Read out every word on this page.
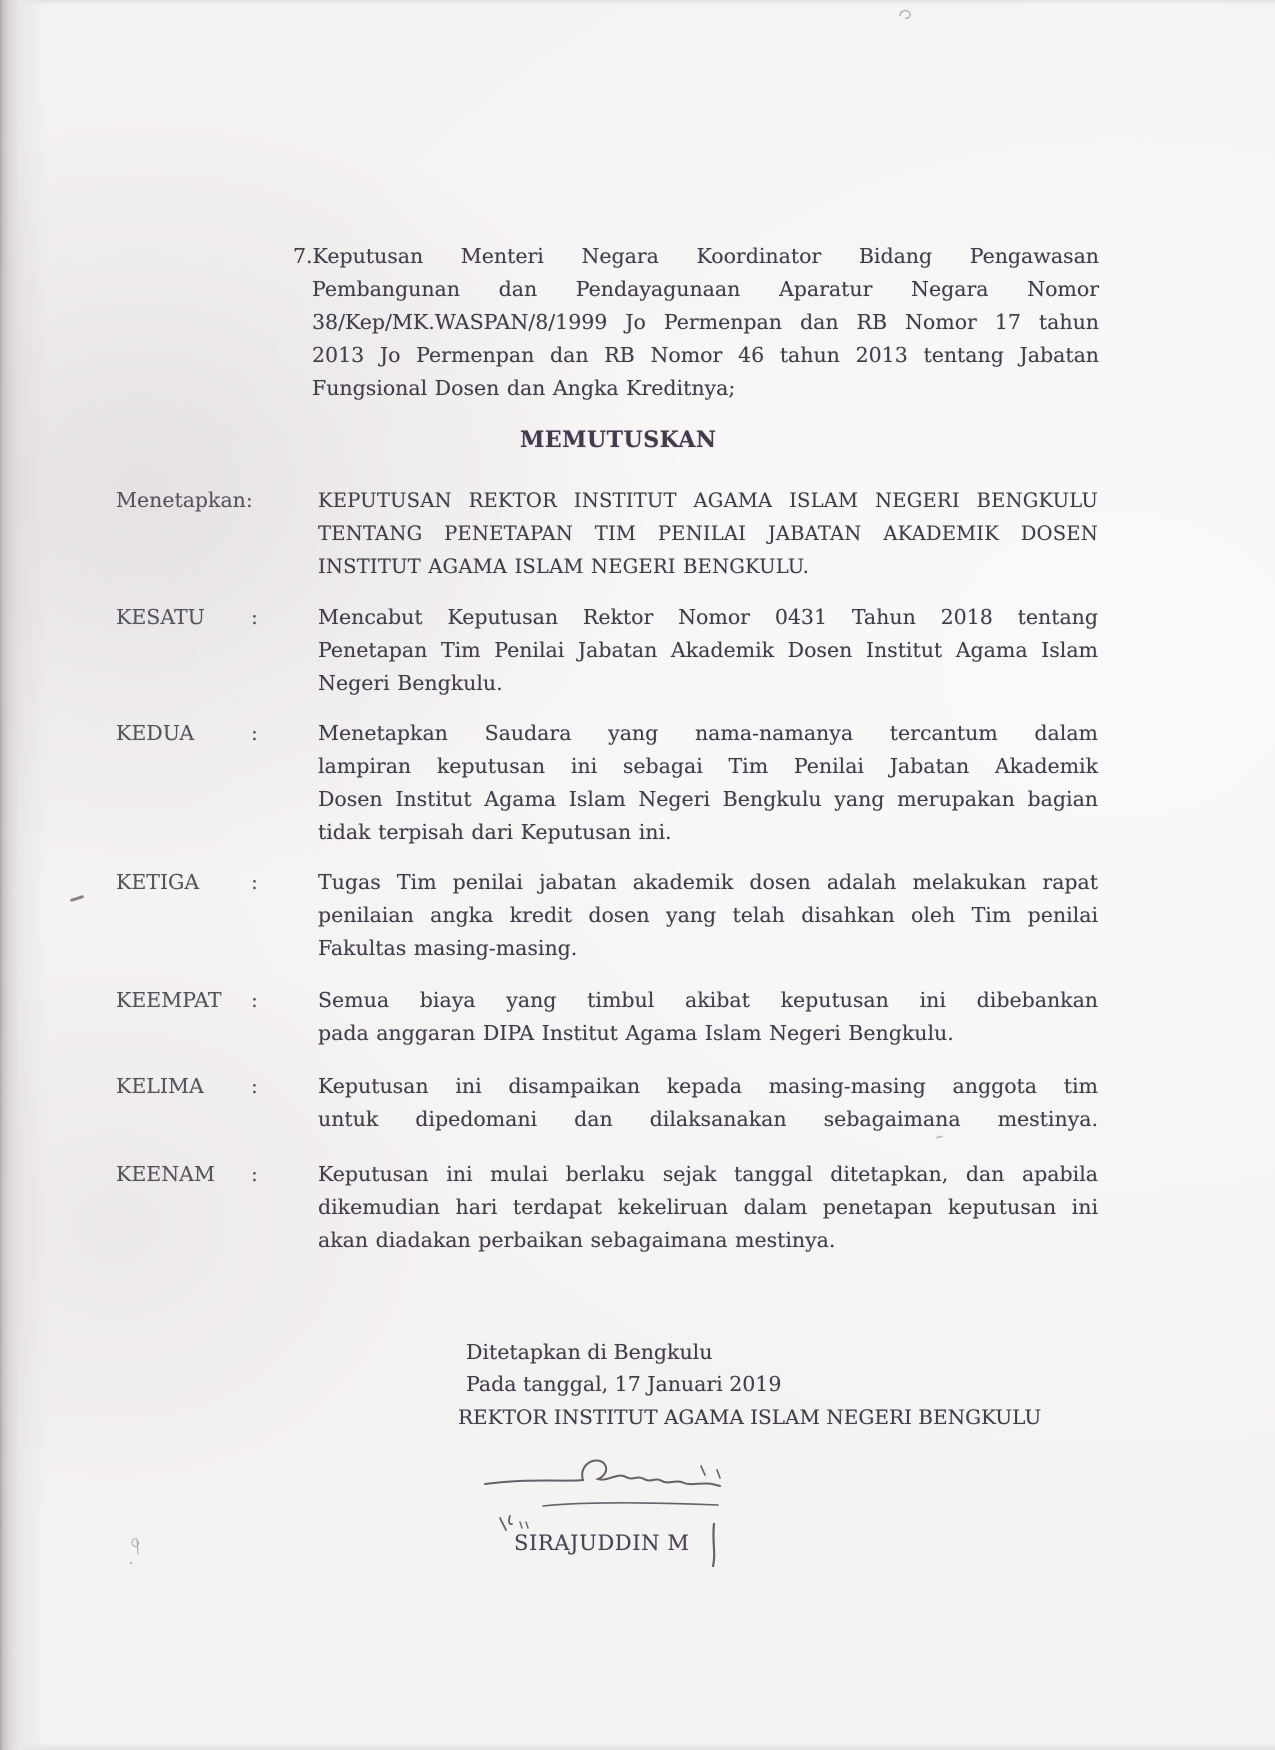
7.Keputusan Menteri Negara Koordinator Bidang Pengawasan
Pembangunan dan Pendayagunaan Aparatur Negara Nomor
38/Kep/MK.WASPAN/8/1999 Jo Permenpan dan RB Nomor 17 tahun
2013 Jo Permenpan dan RB Nomor 46 tahun 2013 tentang Jabatan
Fungsional Dosen dan Angka Kreditnya;
MEMUTUSKAN
Menetapkan:	KEPUTUSAN REKTOR INSTITUT AGAMA ISLAM NEGERI BENGKULU
TENTANG PENETAPAN TIM PENILAI JABATAN AKADEMIK DOSEN
INSTITUT AGAMA ISLAM NEGERI BENGKULU.
KESATU :	Mencabut Keputusan Rektor Nomor 0431 Tahun 2018 tentang
Penetapan Tim Penilai Jabatan Akademik Dosen Institut Agama Islam
Negeri Bengkulu.
KEDUA	:	Menetapkan Saudara yang nama-namanya tercantum dalam
lampiran keputusan ini sebagai Tim Penilai Jabatan Akademik
Dosen Institut Agama Islam Negeri Bengkulu yang merupakan bagian
tidak terpisah dari Keputusan ini.
KETIGA	:	Tugas Tim penilai jabatan akademik dosen adalah melakukan rapat
penilaian angka kredit dosen yang telah disahkan oleh Tim penilai
Fakultas masing-masing.
KEEMPAT :	Semua biaya yang timbul akibat keputusan ini dibebankan
pada anggaran DIPA Institut Agama Islam Negeri Bengkulu.
KELIMA :	Keputusan ini disampaikan kepada masing-masing anggota tim
untuk dipedomani dan dilaksanakan sebagaimana mestinya.
KEENAM :	Keputusan ini mulai berlaku sejak tanggal ditetapkan, dan apabila
dikemudian hari terdapat kekeliruan dalam penetapan keputusan ini
akan diadakan perbaikan sebagaimana mestinya.
Ditetapkan di Bengkulu
Pada tanggal, 17 Januari 2019
REKTOR INSTITUT AGAMA ISLAM NEGERI BENGKULU
SIRAJUDDIN M
